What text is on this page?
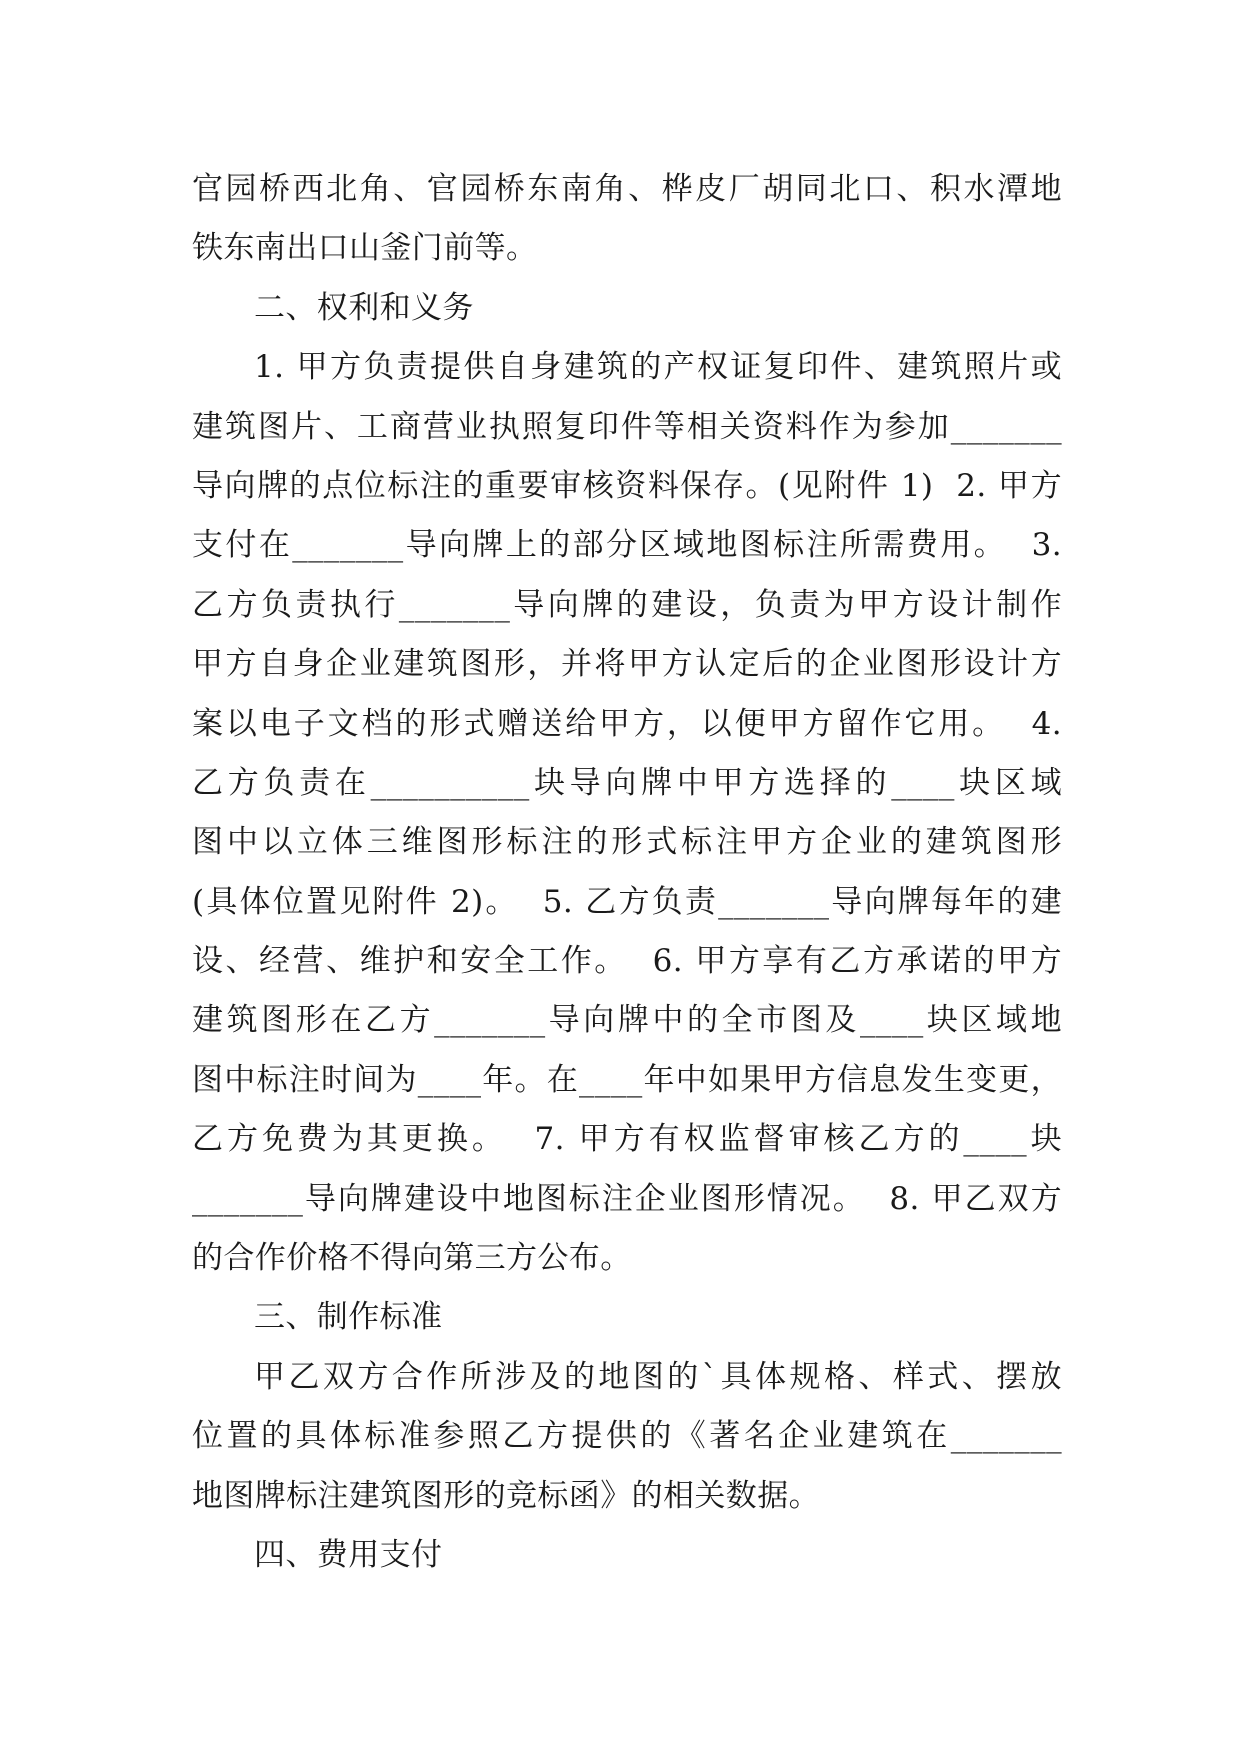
官园桥西北角、官园桥东南角、桦皮厂胡同北口、积水潭地
铁东南出口山釜门前等。
二、权利和义务
1. 甲方负责提供自身建筑的产权证复印件、建筑照片或
建筑图片、工商营业执照复印件等相关资料作为参加_______
导向牌的点位标注的重要审核资料保存。(见附件 1)  2. 甲方
支付在_______导向牌上的部分区域地图标注所需费用。  3.
乙方负责执行_______导向牌的建设，负责为甲方设计制作
甲方自身企业建筑图形，并将甲方认定后的企业图形设计方
案以电子文档的形式赠送给甲方，以便甲方留作它用。  4.
乙方负责在__________块导向牌中甲方选择的____块区域
图中以立体三维图形标注的形式标注甲方企业的建筑图形
(具体位置见附件 2)。  5. 乙方负责_______导向牌每年的建
设、经营、维护和安全工作。  6. 甲方享有乙方承诺的甲方
建筑图形在乙方_______导向牌中的全市图及____块区域地
图中标注时间为____年。在____年中如果甲方信息发生变更，
乙方免费为其更换。  7. 甲方有权监督审核乙方的____块
_______导向牌建设中地图标注企业图形情况。  8. 甲乙双方
的合作价格不得向第三方公布。
三、制作标准
甲乙双方合作所涉及的地图的`具体规格、样式、摆放
位置的具体标准参照乙方提供的《著名企业建筑在_______
地图牌标注建筑图形的竞标函》的相关数据。
四、费用支付
